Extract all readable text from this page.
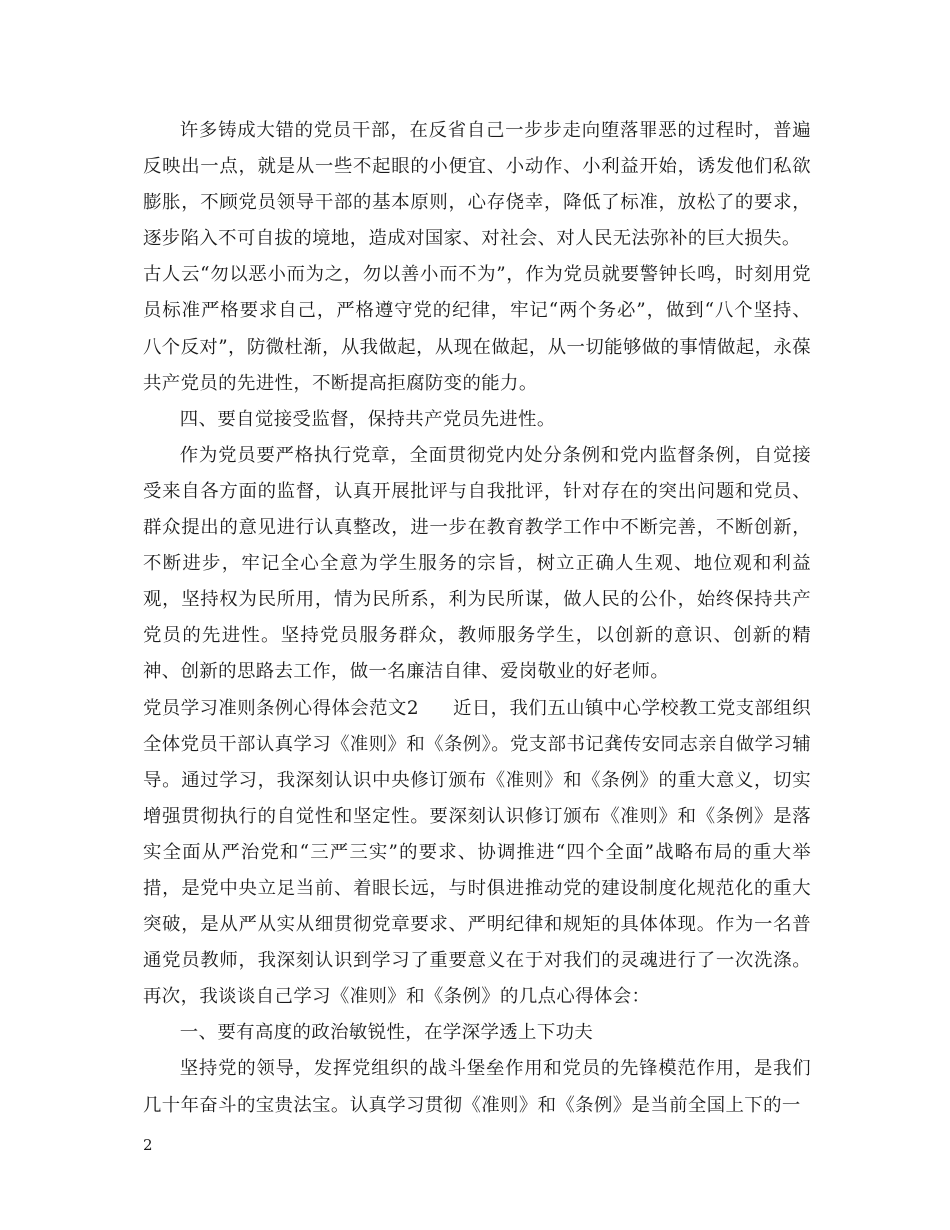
许多铸成大错的党员干部，在反省自己一步步走向堕落罪恶的过程时，普遍反映出一点，就是从一些不起眼的小便宜、小动作、小利益开始，诱发他们私欲膨胀，不顾党员领导干部的基本原则，心存侥幸，降低了标准，放松了的要求，逐步陷入不可自拔的境地，造成对国家、对社会、对人民无法弥补的巨大损失。

古人云“勿以恶小而为之，勿以善小而不为”，作为党员就要警钟长鸣，时刻用党员标准严格要求自己，严格遵守党的纪律，牢记“两个务必”，做到“八个坚持、八个反对”，防微杜渐，从我做起，从现在做起，从一切能够做的事情做起，永葆共产党员的先进性，不断提高拒腐防变的能力。

四、要自觉接受监督，保持共产党员先进性。

作为党员要严格执行党章，全面贯彻党内处分条例和党内监督条例，自觉接受来自各方面的监督，认真开展批评与自我批评，针对存在的突出问题和党员、群众提出的意见进行认真整改，进一步在教育教学工作中不断完善，不断创新，不断进步，牢记全心全意为学生服务的宗旨，树立正确人生观、地位观和利益观，坚持权为民所用，情为民所系，利为民所谋，做人民的公仆，始终保持共产党员的先进性。坚持党员服务群众，教师服务学生，以创新的意识、创新的精神、创新的思路去工作，做一名廉洁自律、爱岗敬业的好老师。

党员学习准则条例心得体会范文2 近日，我们五山镇中心学校教工党支部组织全体党员干部认真学习《准则》和《条例》。党支部书记龚传安同志亲自做学习辅导。通过学习，我深刻认识中央修订颁布《准则》和《条例》的重大意义，切实增强贯彻执行的自觉性和坚定性。要深刻认识修订颁布《准则》和《条例》是落实全面从严治党和“三严三实”的要求、协调推进“四个全面”战略布局的重大举措，是党中央立足当前、着眼长远，与时俱进推动党的建设制度化规范化的重大突破，是从严从实从细贯彻党章要求、严明纪律和规矩的具体体现。作为一名普通党员教师，我深刻认识到学习了重要意义在于对我们的灵魂进行了一次洗涤。再次，我谈谈自己学习《准则》和《条例》的几点心得体会：

一、要有高度的政治敏锐性，在学深学透上下功夫

坚持党的领导，发挥党组织的战斗堡垒作用和党员的先锋模范作用，是我们几十年奋斗的宝贵法宝。认真学习贯彻《准则》和《条例》是当前全国上下的一

2
